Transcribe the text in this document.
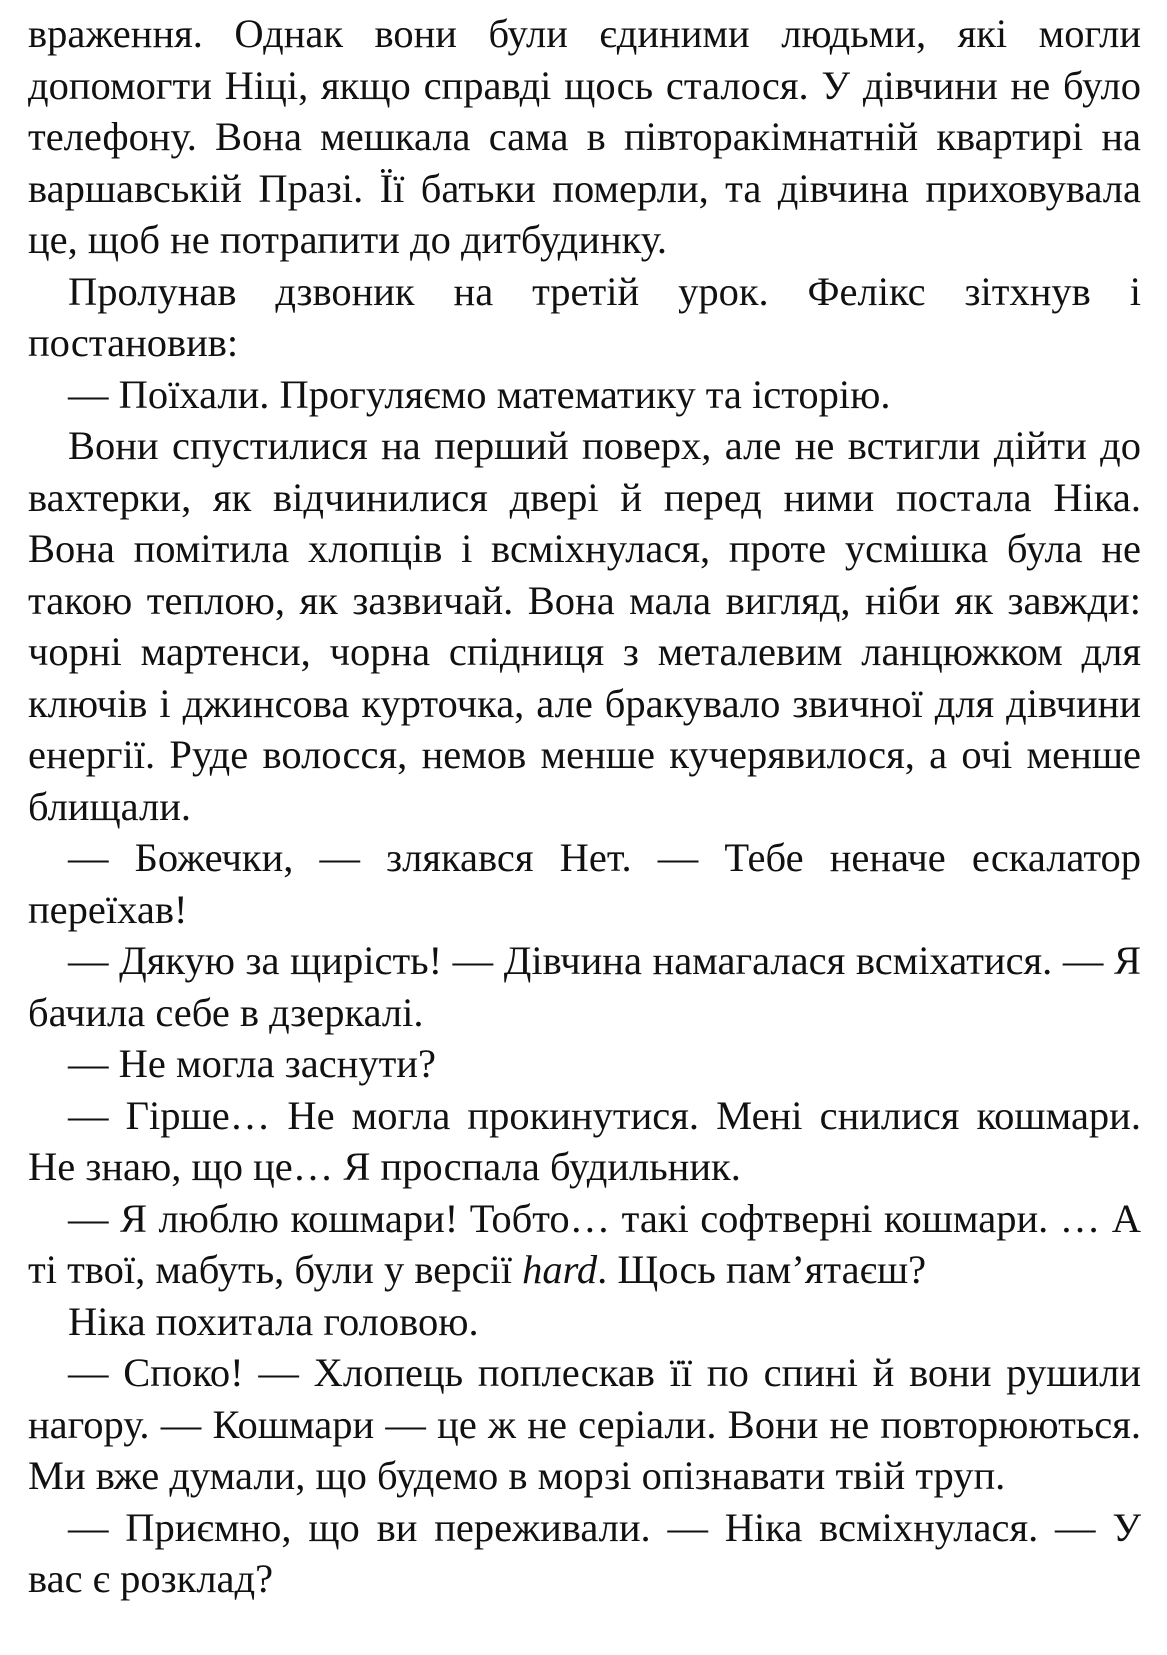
враження. Однак вони були єдиними людьми, які могли допомогти Ніці, якщо справді щось сталося. У дівчини не було телефону. Вона мешкала сама в півторакімнатній квартирі на варшавській Празі. Її батьки померли, та дівчина приховувала це, щоб не потрапити до дитбудинку.

Пролунав дзвоник на третій урок. Фелікс зітхнув і постановив:

— Поїхали. Прогуляємо математику та історію.

Вони спустилися на перший поверх, але не встигли дійти до вахтерки, як відчинилися двері й перед ними постала Ніка. Вона помітила хлопців і всміхнулася, проте усмішка була не такою теплою, як зазвичай. Вона мала вигляд, ніби як завжди: чорні мартенси, чорна спідниця з металевим ланцюжком для ключів і джинсова курточка, але бракувало звичної для дівчини енергії. Руде волосся, немов менше кучерявилося, а очі менше блищали.

— Божечки, — злякався Нет. — Тебе неначе ескалатор переїхав!

— Дякую за щирість! — Дівчина намагалася всміхатися. — Я бачила себе в дзеркалі.

— Не могла заснути?

— Гірше… Не могла прокинутися. Мені снилися кошмари. Не знаю, що це… Я проспала будильник.

— Я люблю кошмари! Тобто… такі софтверні кошмари. … А ті твої, мабуть, були у версії hard. Щось пам’ятаєш?

Ніка похитала головою.

— Споко! — Хлопець поплескав її по спині й вони рушили нагору. — Кошмари — це ж не серіали. Вони не повторюються. Ми вже думали, що будемо в морзі опізнавати твій труп.

— Приємно, що ви переживали. — Ніка всміхнулася. — У вас є розклад?
